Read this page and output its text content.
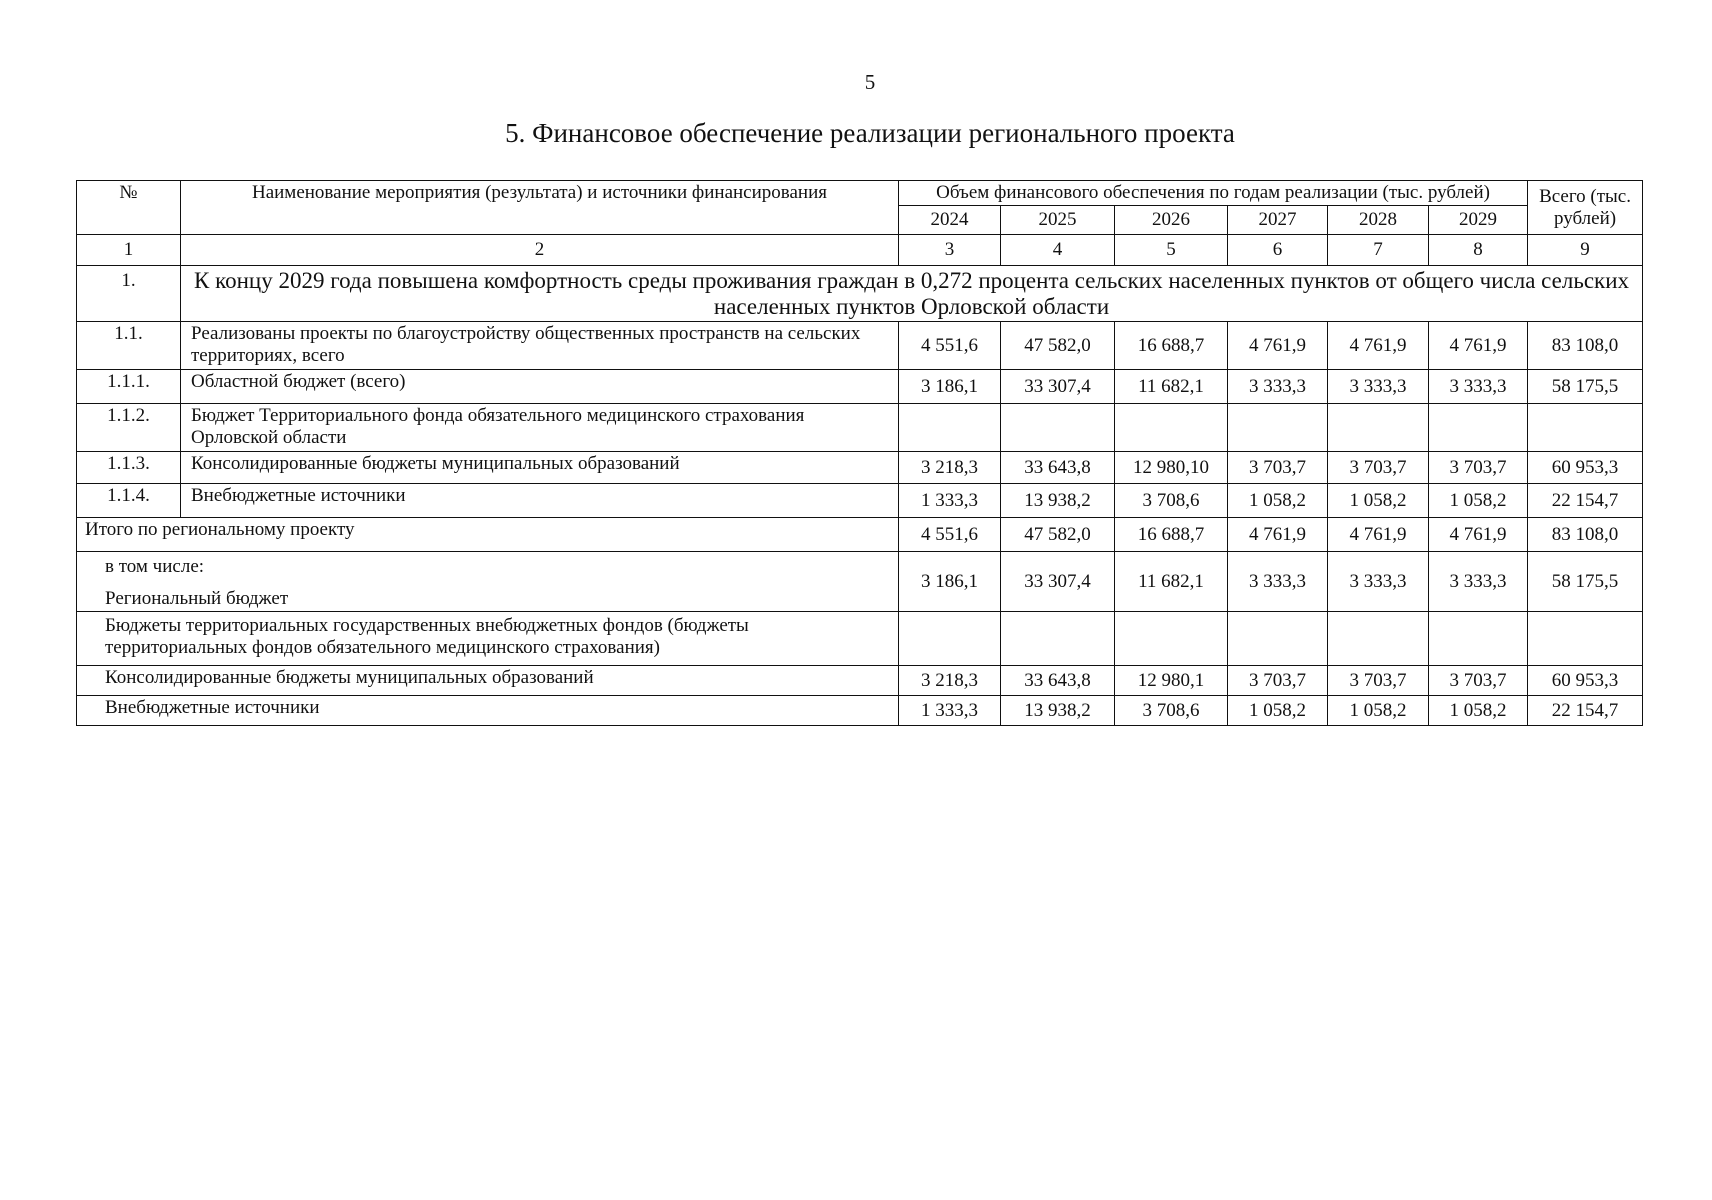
5
5. Финансовое обеспечение реализации регионального проекта
№	Наименование мероприятия (результата) и источники финансирования	Объем финансового обеспечения по годам реализации (тыс. рублей)						Всего (тыс. рублей)
		2024	2025	2026	2027	2028	2029	
1	2	3	4	5	6	7	8	9
1.	К концу 2029 года повышена комфортность среды проживания граждан в 0,272 процента сельских населенных пунктов от общего числа сельских населенных пунктов Орловской области							
1.1.	Реализованы проекты по благоустройству общественных пространств на сельских территориях, всего	4 551,6	47 582,0	16 688,7	4 761,9	4 761,9	4 761,9	83 108,0
1.1.1.	Областной бюджет (всего)	3 186,1	33 307,4	11 682,1	3 333,3	3 333,3	3 333,3	58 175,5
1.1.2.	Бюджет Территориального фонда обязательного медицинского страхования Орловской области							
1.1.3.	Консолидированные бюджеты муниципальных образований	3 218,3	33 643,8	12 980,10	3 703,7	3 703,7	3 703,7	60 953,3
1.1.4.	Внебюджетные источники	1 333,3	13 938,2	3 708,6	1 058,2	1 058,2	1 058,2	22 154,7
Итого по региональному проекту		4 551,6	47 582,0	16 688,7	4 761,9	4 761,9	4 761,9	83 108,0

в том числе:
Региональный бюджет		3 186,1	33 307,4	11 682,1	3 333,3	3 333,3	3 333,3	58 175,5
Бюджеты территориальных государственных внебюджетных фондов (бюджеты территориальных фондов обязательного медицинского страхования)								
Консолидированные бюджеты муниципальных образований		3 218,3	33 643,8	12 980,1	3 703,7	3 703,7	3 703,7	60 953,3
Внебюджетные источники		1 333,3	13 938,2	3 708,6	1 058,2	1 058,2	1 058,2	22 154,7
